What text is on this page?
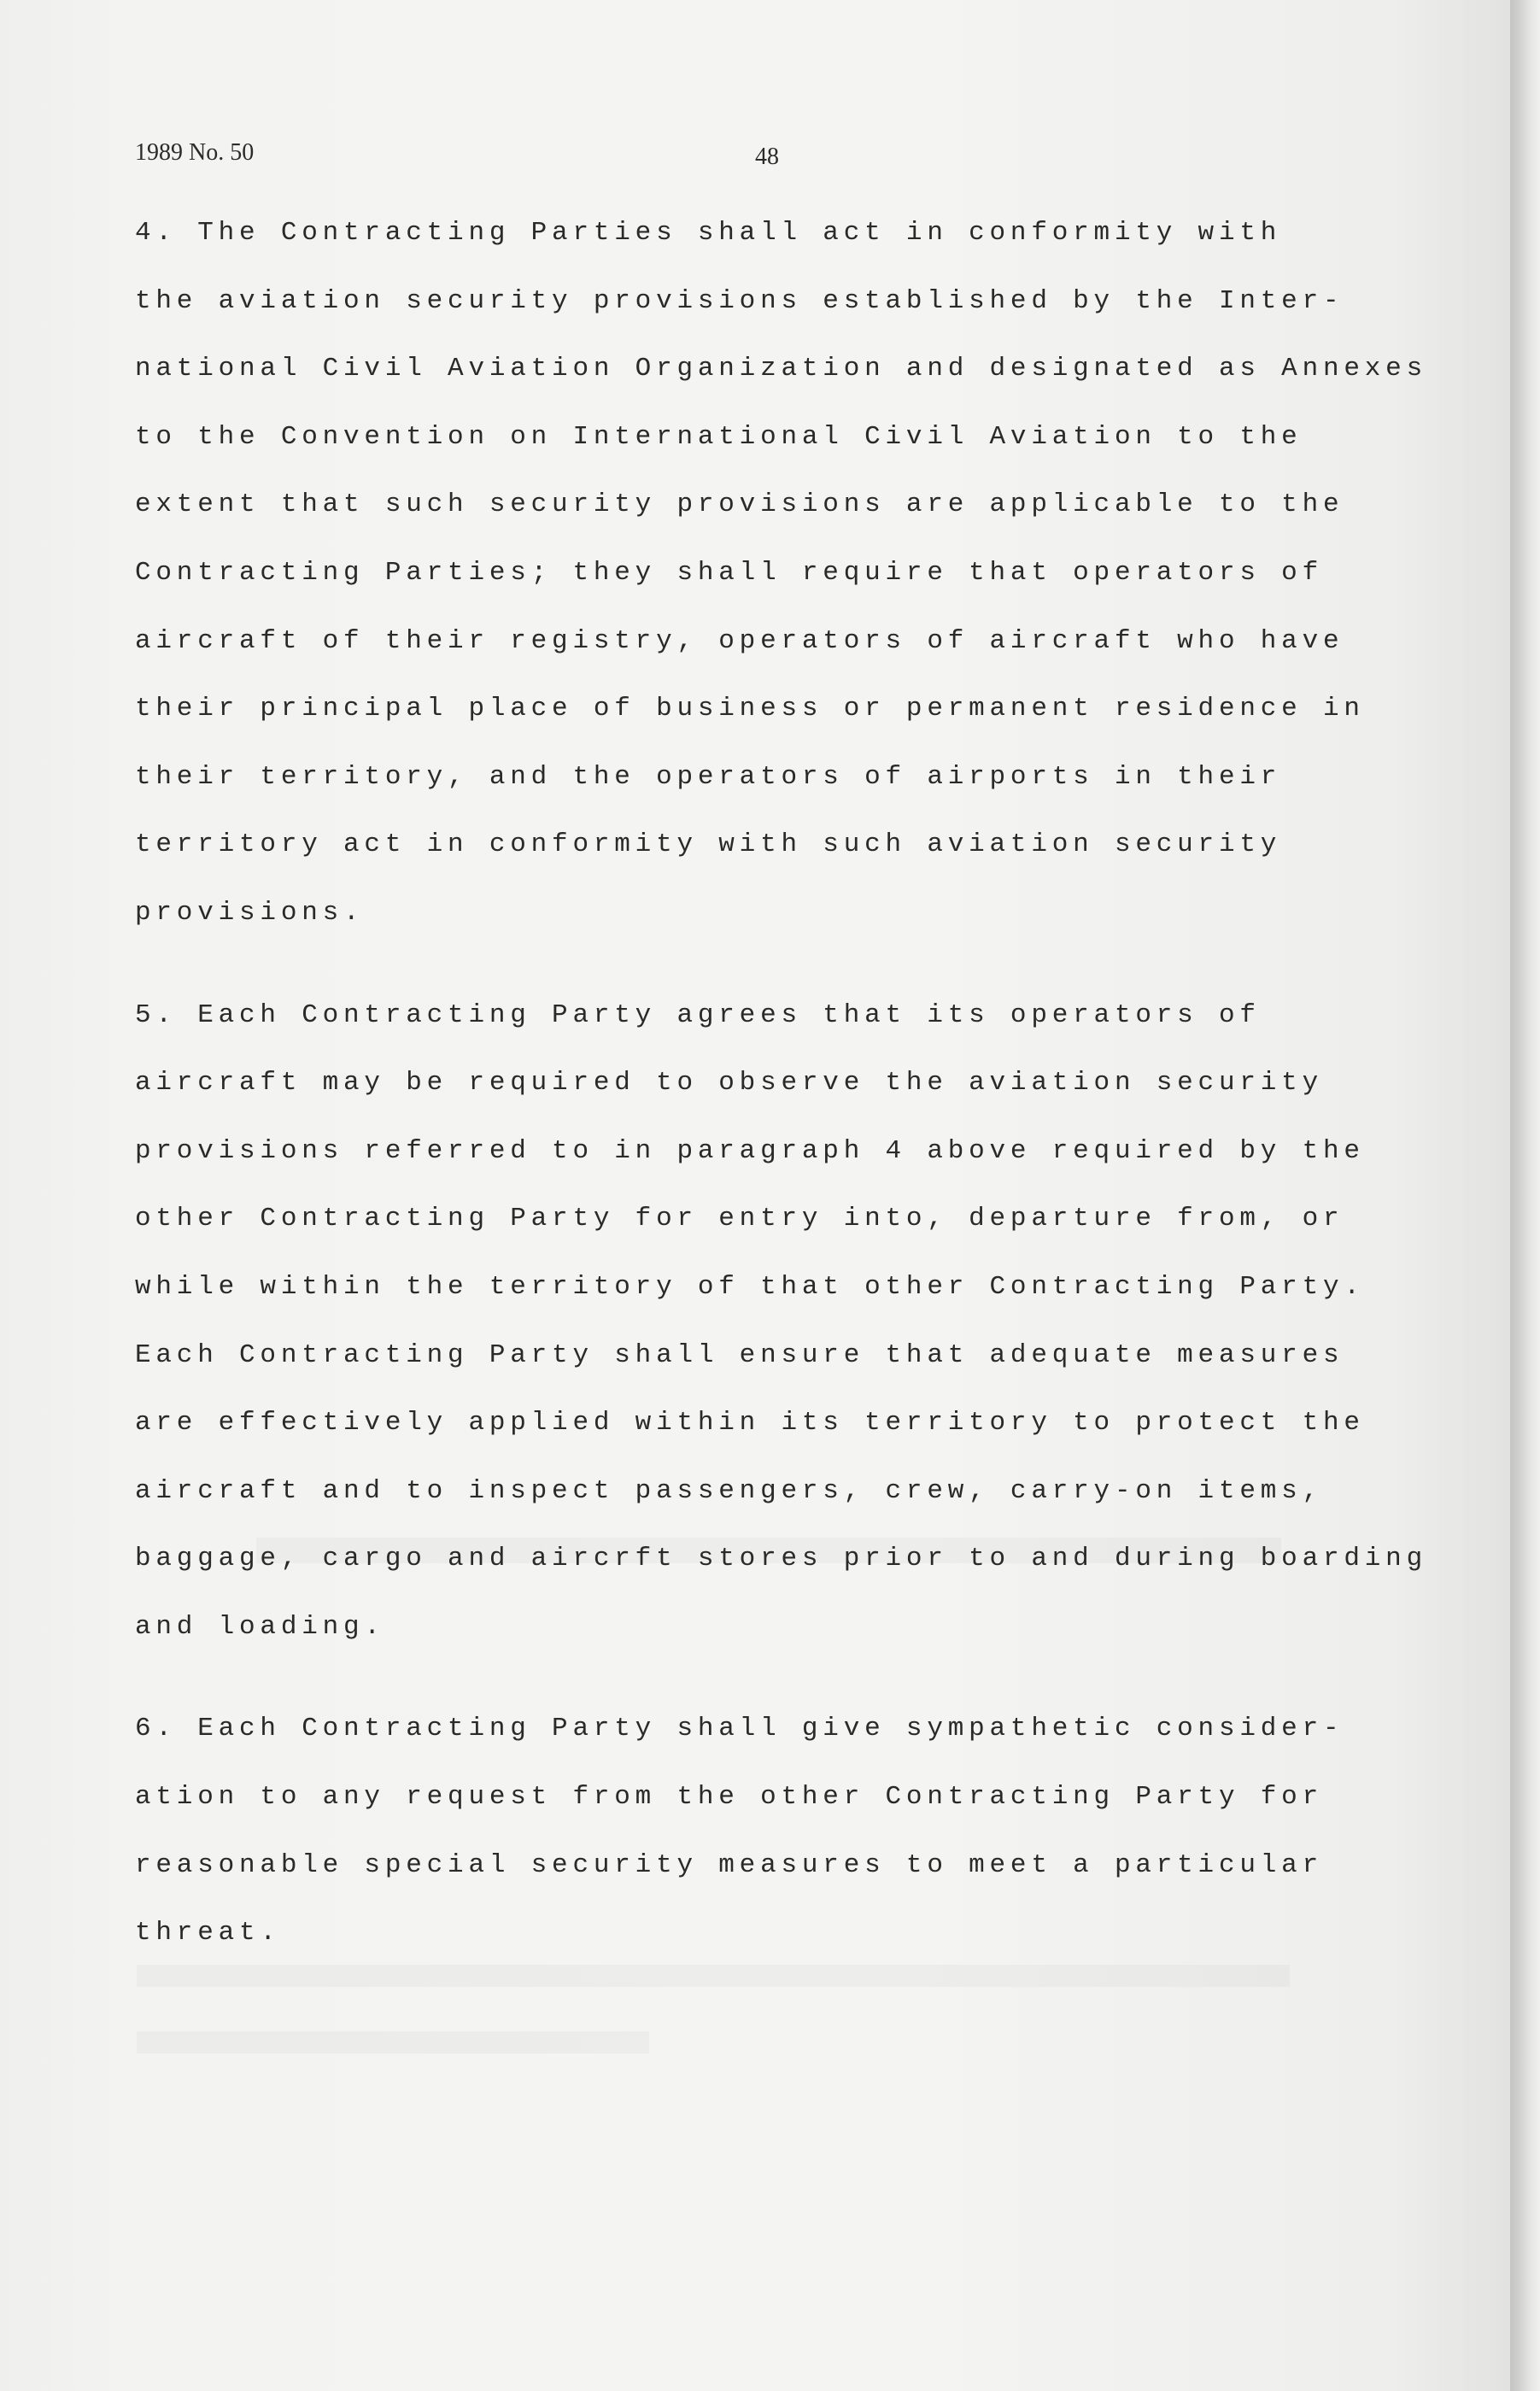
1989 No. 50	48
4. The Contracting Parties shall act in conformity with
the aviation security provisions established by the Inter-
national Civil Aviation Organization and designated as Annexes
to the Convention on International Civil Aviation to the
extent that such security provisions are applicable to the
Contracting Parties; they shall require that operators of
aircraft of their registry, operators of aircraft who have
their principal place of business or permanent residence in
their territory, and the operators of airports in their
territory act in conformity with such aviation security
provisions.
5. Each Contracting Party agrees that its operators of
aircraft may be required to observe the aviation security
provisions referred to in paragraph 4 above required by the
other Contracting Party for entry into, departure from, or
while within the territory of that other Contracting Party.
Each Contracting Party shall ensure that adequate measures
are effectively applied within its territory to protect the
aircraft and to inspect passengers, crew, carry-on items,
baggage, cargo and aircrft stores prior to and during boarding
and loading.
6. Each Contracting Party shall give sympathetic consider-
ation to any request from the other Contracting Party for
reasonable special security measures to meet a particular
threat.
